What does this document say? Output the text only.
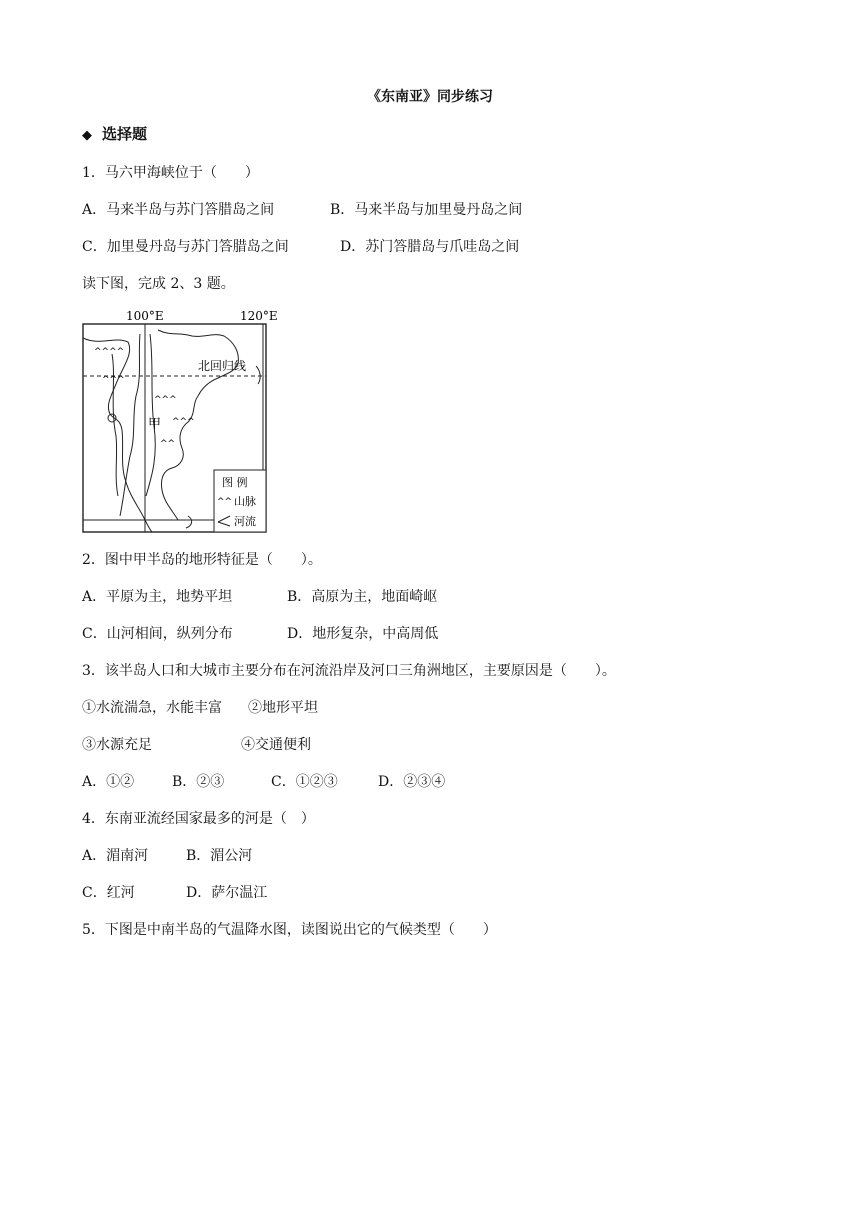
《东南亚》同步练习
◆ 选择题
1．马六甲海峡位于（　　）
A．马来半岛与苏门答腊岛之间	B．马来半岛与加里曼丹岛之间
C．加里曼丹岛与苏门答腊岛之间	D．苏门答腊岛与爪哇岛之间
读下图，完成 2、3 题。
100°E	120°E
北回归线
^^^^
^^^
^^^
^^^
^^
甲
图 例
^^ 山脉
河流
2．图中甲半岛的地形特征是（　　）。
A．平原为主，地势平坦	B．高原为主，地面崎岖
C．山河相间，纵列分布	D．地形复杂，中高周低
3．该半岛人口和大城市主要分布在河流沿岸及河口三角洲地区，主要原因是（　　）。
①水流湍急，水能丰富 ②地形平坦
③水源充足	④交通便利
A．①②	B．②③	C．①②③	D．②③④
4．东南亚流经国家最多的河是（　）
A．湄南河	B．湄公河
C．红河	D．萨尔温江
5．下图是中南半岛的气温降水图，读图说出它的气候类型（　　）
